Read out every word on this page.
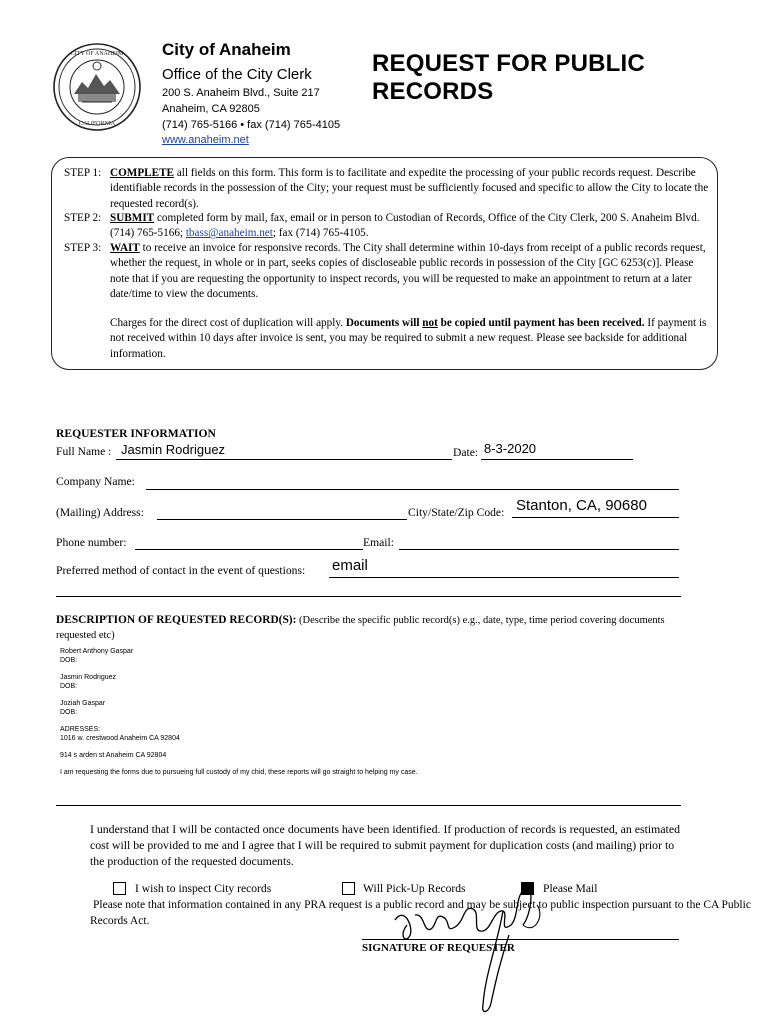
CITY OF ANAHEIM
CALIFORNIA
City of Anaheim
Office of the City Clerk
200 S. Anaheim Blvd., Suite 217
Anaheim, CA 92805
(714) 765-5166 • fax (714) 765-4105
www.anaheim.net
REQUEST FOR PUBLIC RECORDS
STEP 1: COMPLETE all fields on this form. This form is to facilitate and expedite the processing of your public records request. Describe identifiable records in the possession of the City; your request must be sufficiently focused and specific to allow the City to locate the requested record(s).
STEP 2: SUBMIT completed form by mail, fax, email or in person to Custodian of Records, Office of the City Clerk, 200 S. Anaheim Blvd. (714) 765-5166; tbass@anaheim.net; fax (714) 765-4105.
STEP 3: WAIT to receive an invoice for responsive records. The City shall determine within 10-days from receipt of a public records request, whether the request, in whole or in part, seeks copies of discloseable public records in possession of the City [GC 6253(c)]. Please note that if you are requesting the opportunity to inspect records, you will be requested to make an appointment to return at a later date/time to view the documents.
Charges for the direct cost of duplication will apply. Documents will not be copied until payment has been received. If payment is not received within 10 days after invoice is sent, you may be required to submit a new request. Please see backside for additional information.
REQUESTER INFORMATION
Full Name : Jasmin Rodriguez	Date: 8-3-2020
Company Name:
(Mailing) Address:	City/State/Zip Code: Stanton, CA, 90680
Phone number:	Email:
Preferred method of contact in the event of questions: email
DESCRIPTION OF REQUESTED RECORD(S): (Describe the specific public record(s) e.g., date, type, time period covering documents requested etc)
Robert Anthony Gaspar
DOB:
Jasmin Rodriguez
DOB:
Joziah Gaspar
DOB:
ADRESSES:
1016 w. crestwood Anaheim CA 92804
914 s arden st Anaheim CA 92804
I am requesting the forms due to pursueing full custody of my chid, these reports will go straight to helping my case.
I understand that I will be contacted once documents have been identified. If production of records is requested, an estimated cost will be provided to me and I agree that I will be required to submit payment for duplication costs (and mailing) prior to the production of the requested documents.
I wish to inspect City records	Will Pick-Up Records	Please Mail
Please note that information contained in any PRA request is a public record and may be subject to public inspection pursuant to the CA Public Records Act.
SIGNATURE OF REQUESTER
